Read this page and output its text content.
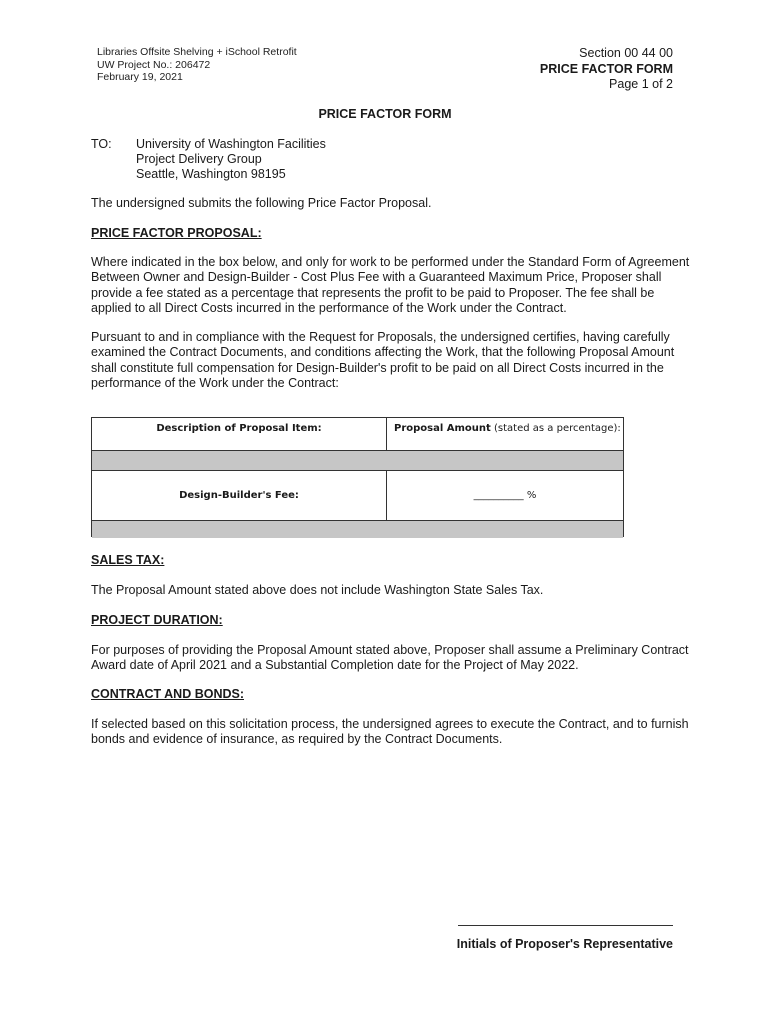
Libraries Offsite Shelving + iSchool Retrofit
UW Project No.: 206472
February 19, 2021
Section 00 44 00
PRICE FACTOR FORM
Page 1 of 2
PRICE FACTOR FORM
TO: University of Washington Facilities
Project Delivery Group
Seattle, Washington 98195

The undersigned submits the following Price Factor Proposal.

PRICE FACTOR PROPOSAL:

Where indicated in the box below, and only for work to be performed under the Standard Form of Agreement Between Owner and Design-Builder - Cost Plus Fee with a Guaranteed Maximum Price, Proposer shall provide a fee stated as a percentage that represents the profit to be paid to Proposer. The fee shall be applied to all Direct Costs incurred in the performance of the Work under the Contract.

Pursuant to and in compliance with the Request for Proposals, the undersigned certifies, having carefully examined the Contract Documents, and conditions affecting the Work, that the following Proposal Amount shall constitute full compensation for Design-Builder's profit to be paid on all Direct Costs incurred in the performance of the Work under the Contract:

Description of Proposal Item:	Proposal Amount (stated as a percentage):
Design-Builder's Fee:	__________ %

SALES TAX:

The Proposal Amount stated above does not include Washington State Sales Tax.

PROJECT DURATION:

For purposes of providing the Proposal Amount stated above, Proposer shall assume a Preliminary Contract Award date of April 2021 and a Substantial Completion date for the Project of May 2022.

CONTRACT AND BONDS:

If selected based on this solicitation process, the undersigned agrees to execute the Contract, and to furnish bonds and evidence of insurance, as required by the Contract Documents.

Initials of Proposer's Representative
